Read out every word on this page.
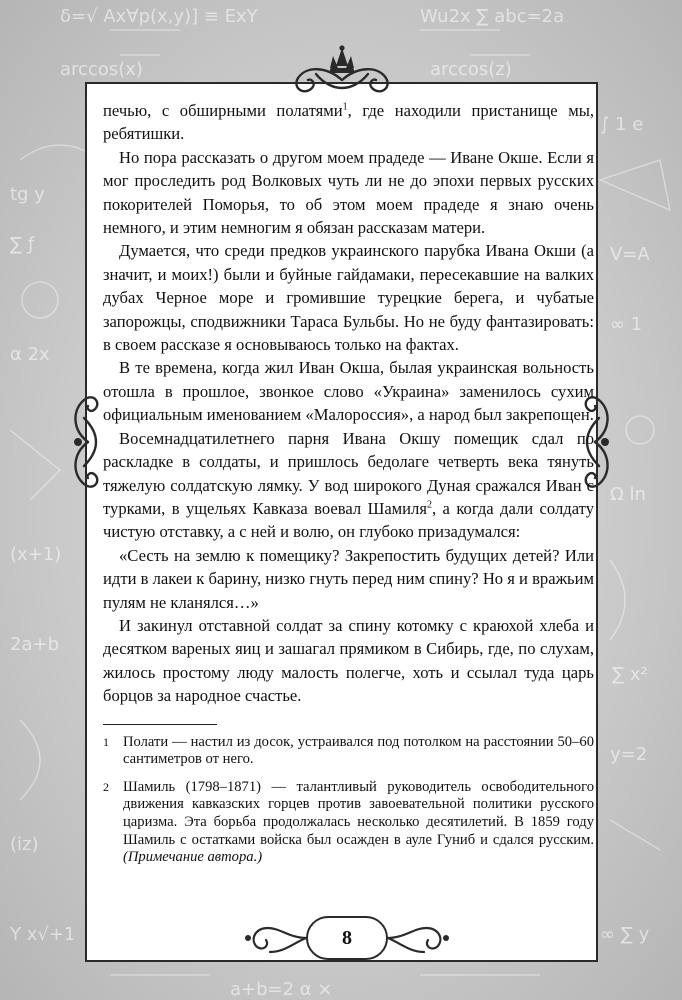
δ=√ Ax∀p(x,y)] ≡ ExY	Wu2x ∑ abc=2a
tg y
∑ ƒ
∫ 1 e
V=A
α 2x
∞ 1
(x+1)
Ω ln
2a+b
∑ x²
(iz)
y=2
Y x√+1	∞ ∑ y
a+b=2 α ×
arccos(x)	arccos(z)

печью, с обширными полатями$^1$, где находили пристанище мы, ребятишки.

Но пора рассказать о другом моем прадеде — Иване Окше. Если я мог проследить род Волковых чуть ли не до эпохи первых русских покорителей Поморья, то об этом моем прадеде я знаю очень немного, и этим немногим я обязан рассказам матери.

Думается, что среди предков украинского парубка Ивана Окши (а значит, и моих!) были и буйные гайдамаки, пересекавшие на валких дубах Черное море и громившие турецкие берега, и чубатые запорожцы, сподвижники Тараса Бульбы. Но не буду фантазировать: в своем рассказе я основываюсь только на фактах.

В те времена, когда жил Иван Окша, былая украинская вольность отошла в прошлое, звонкое слово «Украина» заменилось сухим официальным именованием «Малороссия», а народ был закрепощен.

Восемнадцатилетнего парня Ивана Окшу помещик сдал по раскладке в солдаты, и пришлось бедолаге четверть века тянуть тяжелую солдатскую лямку. У вод широкого Дуная сражался Иван с турками, в ущельях Кавказа воевал Шамиля$^2$, а когда дали солдату чистую отставку, а с ней и волю, он глубоко призадумался:

«Сесть на землю к помещику? Закрепостить будущих детей? Или идти в лакеи к барину, низко гнуть перед ним спину? Но я и вражьим пулям не кланялся…»

И закинул отставной солдат за спину котомку с краюхой хлеба и десятком вареных яиц и зашагал прямиком в Сибирь, где, по слухам, жилось простому люду малость полегче, хоть и ссылал туда царь борцов за народное счастье.

1 Полати — настил из досок, устраивался под потолком на расстоянии 50–60 сантиметров от него.
2 Шамиль (1798–1871) — талантливый руководитель освободительного движения кавказских горцев против завоевательной политики русского царизма. Эта борьба продолжалась несколько десятилетий. В 1859 году Шамиль с остатками войска был осажден в ауле Гуниб и сдался русским. (Примечание автора.)
8
